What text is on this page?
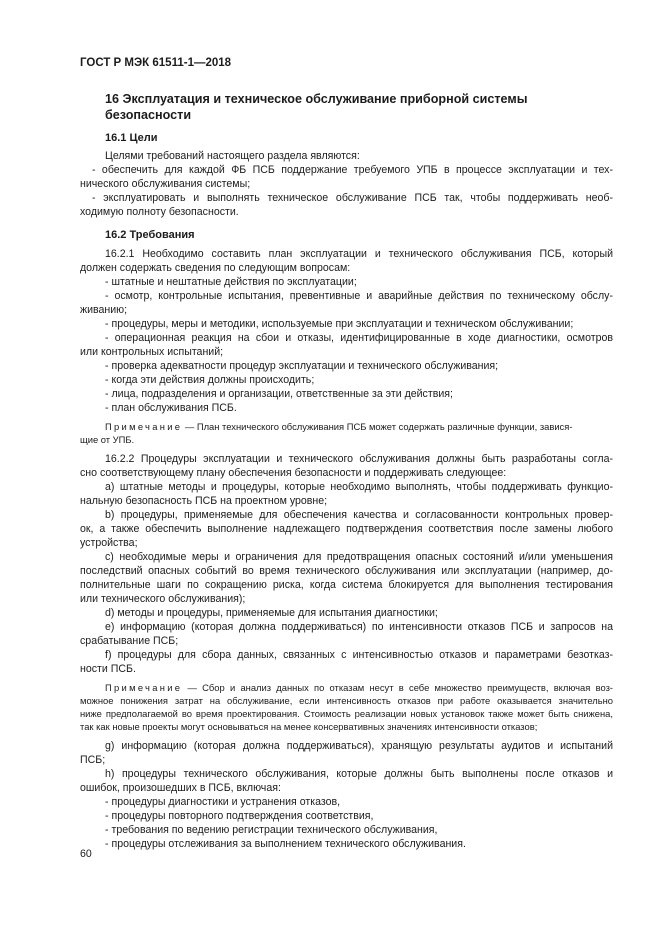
ГОСТ Р МЭК 61511-1—2018
16 Эксплуатация и техническое обслуживание приборной системы
безопасности
16.1 Цели
Целями требований настоящего раздела являются:
- обеспечить для каждой ФБ ПСБ поддержание требуемого УПБ в процессе эксплуатации и тех-
нического обслуживания системы;
- эксплуатировать и выполнять техническое обслуживание ПСБ так, чтобы поддерживать необ-
ходимую полноту безопасности.
16.2 Требования
16.2.1 Необходимо составить план эксплуатации и технического обслуживания ПСБ, который
должен содержать сведения по следующим вопросам:
- штатные и нештатные действия по эксплуатации;
- осмотр, контрольные испытания, превентивные и аварийные действия по техническому обслу-
живанию;
- процедуры, меры и методики, используемые при эксплуатации и техническом обслуживании;
- операционная реакция на сбои и отказы, идентифицированные в ходе диагностики, осмотров
или контрольных испытаний;
- проверка адекватности процедур эксплуатации и технического обслуживания;
- когда эти действия должны происходить;
- лица, подразделения и организации, ответственные за эти действия;
- план обслуживания ПСБ.
Примечание — План технического обслуживания ПСБ может содержать различные функции, завися-
щие от УПБ.
16.2.2 Процедуры эксплуатации и технического обслуживания должны быть разработаны согла-
сно соответствующему плану обеспечения безопасности и поддерживать следующее:
а) штатные методы и процедуры, которые необходимо выполнять, чтобы поддерживать функцио-
нальную безопасность ПСБ на проектном уровне;
b) процедуры, применяемые для обеспечения качества и согласованности контрольных провер-
ок, а также обеспечить выполнение надлежащего подтверждения соответствия после замены любого
устройства;
с) необходимые меры и ограничения для предотвращения опасных состояний и/или уменьшения
последствий опасных событий во время технического обслуживания или эксплуатации (например, до-
полнительные шаги по сокращению риска, когда система блокируется для выполнения тестирования
или технического обслуживания);
d) методы и процедуры, применяемые для испытания диагностики;
е) информацию (которая должна поддерживаться) по интенсивности отказов ПСБ и запросов на
срабатывание ПСБ;
f) процедуры для сбора данных, связанных с интенсивностью отказов и параметрами безотказ-
ности ПСБ.
Примечание — Сбор и анализ данных по отказам несут в себе множество преимуществ, включая воз-
можное понижения затрат на обслуживание, если интенсивность отказов при работе оказывается значительно
ниже предполагаемой во время проектирования. Стоимость реализации новых установок также может быть снижена,
так как новые проекты могут основываться на менее консервативных значениях интенсивности отказов;
g) информацию (которая должна поддерживаться), хранящую результаты аудитов и испытаний
ПСБ;
h) процедуры технического обслуживания, которые должны быть выполнены после отказов и
ошибок, произошедших в ПСБ, включая:
- процедуры диагностики и устранения отказов,
- процедуры повторного подтверждения соответствия,
- требования по ведению регистрации технического обслуживания,
- процедуры отслеживания за выполнением технического обслуживания.
60
